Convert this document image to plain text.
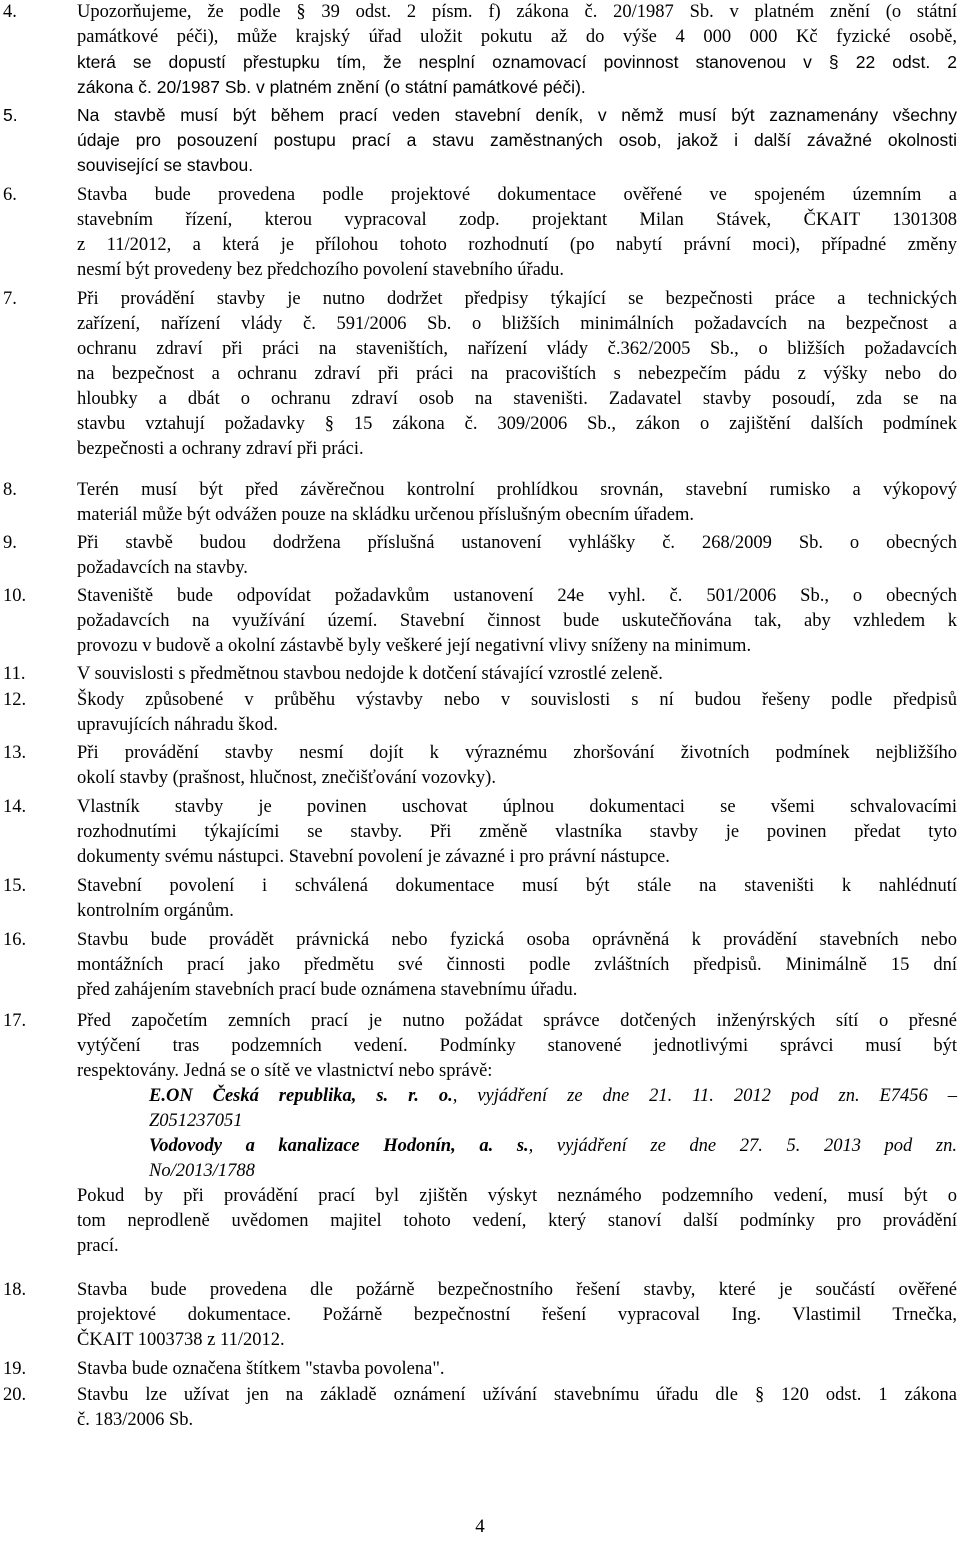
4.	Upozorňujeme, že podle § 39 odst. 2 písm. f) zákona č. 20/1987 Sb. v platném znění (o státní
památkové péči), může krajský úřad uložit pokutu až do výše 4 000 000 Kč fyzické osobě,
která se dopustí přestupku tím, že nesplní oznamovací povinnost stanovenou v § 22 odst. 2
zákona č. 20/1987 Sb. v platném znění (o státní památkové péči).
5.	Na stavbě musí být během prací veden stavební deník, v němž musí být zaznamenány všechny
údaje pro posouzení postupu prací a stavu zaměstnaných osob, jakož i další závažné okolnosti
související se stavbou.
6.	Stavba bude provedena podle projektové dokumentace ověřené ve spojeném územním a
stavebním řízení, kterou vypracoval zodp. projektant Milan Stávek, ČKAIT 1301308
z 11/2012, a která je přílohou tohoto rozhodnutí (po nabytí právní moci), případné změny
nesmí být provedeny bez předchozího povolení stavebního úřadu.
7.	Při provádění stavby je nutno dodržet předpisy týkající se bezpečnosti práce a technických
zařízení, nařízení vlády č. 591/2006 Sb. o bližších minimálních požadavcích na bezpečnost a
ochranu zdraví při práci na staveništích, nařízení vlády č.362/2005 Sb., o bližších požadavcích
na bezpečnost a ochranu zdraví při práci na pracovištích s nebezpečím pádu z výšky nebo do
hloubky a dbát o ochranu zdraví osob na staveništi. Zadavatel stavby posoudí, zda se na
stavbu vztahují požadavky § 15 zákona č. 309/2006 Sb., zákon o zajištění dalších podmínek
bezpečnosti a ochrany zdraví při práci.
8.	Terén musí být před závěrečnou kontrolní prohlídkou srovnán, stavební rumisko a výkopový
materiál může být odvážen pouze na skládku určenou příslušným obecním úřadem.
9.	Při stavbě budou dodržena příslušná ustanovení vyhlášky č. 268/2009 Sb. o obecných
požadavcích na stavby.
10.	Staveniště bude odpovídat požadavkům ustanovení 24e vyhl. č. 501/2006 Sb., o obecných
požadavcích na využívání území. Stavební činnost bude uskutečňována tak, aby vzhledem k
provozu v budově a okolní zástavbě byly veškeré její negativní vlivy sníženy na minimum.
11.	V souvislosti s předmětnou stavbou nedojde k dotčení stávající vzrostlé zeleně.
12.	Škody způsobené v průběhu výstavby nebo v souvislosti s ní budou řešeny podle předpisů
upravujících náhradu škod.
13.	Při provádění stavby nesmí dojít k výraznému zhoršování životních podmínek nejbližšího
okolí stavby (prašnost, hlučnost, znečišťování vozovky).
14.	Vlastník stavby je povinen uschovat úplnou dokumentaci se všemi schvalovacími
rozhodnutími týkajícími se stavby. Při změně vlastníka stavby je povinen předat tyto
dokumenty svému nástupci. Stavební povolení je závazné i pro právní nástupce.
15.	Stavební povolení i schválená dokumentace musí být stále na staveništi k nahlédnutí
kontrolním orgánům.
16.	Stavbu bude provádět právnická nebo fyzická osoba oprávněná k provádění stavebních nebo
montážních prací jako předmětu své činnosti podle zvláštních předpisů. Minimálně 15 dní
před zahájením stavebních prací bude oznámena stavebnímu úřadu.
17.	Před započetím zemních prací je nutno požádat správce dotčených inženýrských sítí o přesné
vytýčení tras podzemních vedení. Podmínky stanovené jednotlivými správci musí být
respektovány. Jedná se o sítě ve vlastnictví nebo správě:
E.ON Česká republika, s. r. o., vyjádření ze dne 21. 11. 2012 pod zn. E7456 –
Z051237051
Vodovody a kanalizace Hodonín, a. s., vyjádření ze dne 27. 5. 2013 pod zn.
No/2013/1788
Pokud by při provádění prací byl zjištěn výskyt neznámého podzemního vedení, musí být o
tom neprodleně uvědomen majitel tohoto vedení, který stanoví další podmínky pro provádění
prací.
18.	Stavba bude provedena dle požárně bezpečnostního řešení stavby, které je součástí ověřené
projektové dokumentace. Požárně bezpečnostní řešení vypracoval Ing. Vlastimil Trnečka,
ČKAIT 1003738 z 11/2012.
19.	Stavba bude označena štítkem "stavba povolena".
20.	Stavbu lze užívat jen na základě oznámení užívání stavebnímu úřadu dle § 120 odst. 1 zákona
č. 183/2006 Sb.
4
